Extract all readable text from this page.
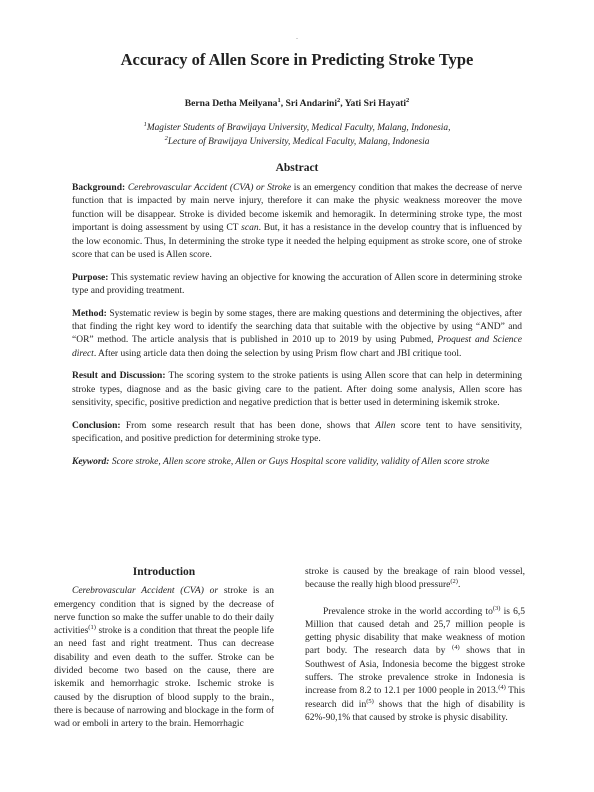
-
Accuracy of Allen Score in Predicting Stroke Type
Berna Detha Meilyana$^1$, Sri Andarini$^2$, Yati Sri Hayati$^2$
$^1$Magister Students of Brawijaya University, Medical Faculty, Malang, Indonesia,
$^2$Lecture of Brawijaya University, Medical Faculty, Malang, Indonesia
Abstract

Background: Cerebrovascular Accident (CVA) or Stroke is an emergency condition that makes the decrease of nerve function that is impacted by main nerve injury, therefore it can make the physic weakness moreover the move function will be disappear. Stroke is divided become iskemik and hemoragik. In determining stroke type, the most important is doing assessment by using CT scan. But, it has a resistance in the develop country that is influenced by the low economic. Thus, In determining the stroke type it needed the helping equipment as stroke score, one of stroke score that can be used is Allen score.

Purpose: This systematic review having an objective for knowing the accuration of Allen score in determining stroke type and providing treatment.

Method: Systematic review is begin by some stages, there are making questions and determining the objectives, after that finding the right key word to identify the searching data that suitable with the objective by using “AND” and “OR” method. The article analysis that is published in 2010 up to 2019 by using Pubmed, Proquest and Science direct. After using article data then doing the selection by using Prism flow chart and JBI critique tool.

Result and Discussion: The scoring system to the stroke patients is using Allen score that can help in determining stroke types, diagnose and as the basic giving care to the patient. After doing some analysis, Allen score has sensitivity, specific, positive prediction and negative prediction that is better used in determining iskemik stroke.

Conclusion: From some research result that has been done, shows that Allen score tent to have sensitivity, specification, and positive prediction for determining stroke type.

Keyword: Score stroke, Allen score stroke, Allen or Guys Hospital score validity, validity of Allen score stroke

Introduction

Cerebrovascular Accident (CVA) or stroke is an emergency condition that is signed by the decrease of nerve function so make the suffer unable to do their daily activities$^{(1)}$ stroke is a condition that threat the people life an need fast and right treatment. Thus can decrease disability and even death to the suffer. Stroke can be divided become two based on the cause, there are iskemik and hemorrhagic stroke. Ischemic stroke is caused by the disruption of blood supply to the brain., there is because of narrowing and blockage in the form of wad or emboli in artery to the brain. Hemorrhagic

stroke is caused by the breakage of rain blood vessel, because the really high blood pressure$^{(2)}$.

Prevalence stroke in the world according $to^{(3)}$ is 6,5 Million that caused detah and 25,7 million people is getting physic disability that make weakness of motion part body. The research data by $^{(4)}$ shows that in Southwest of Asia, Indonesia become the biggest stroke suffers. The stroke prevalence stroke in Indonesia is increase from 8.2 to 12.1 per 1000 people in 2013.$^{(4)}$ This research did $in^{(5)}$ shows that the high of disability is 62%-90,1% that caused by stroke is physic disability.
